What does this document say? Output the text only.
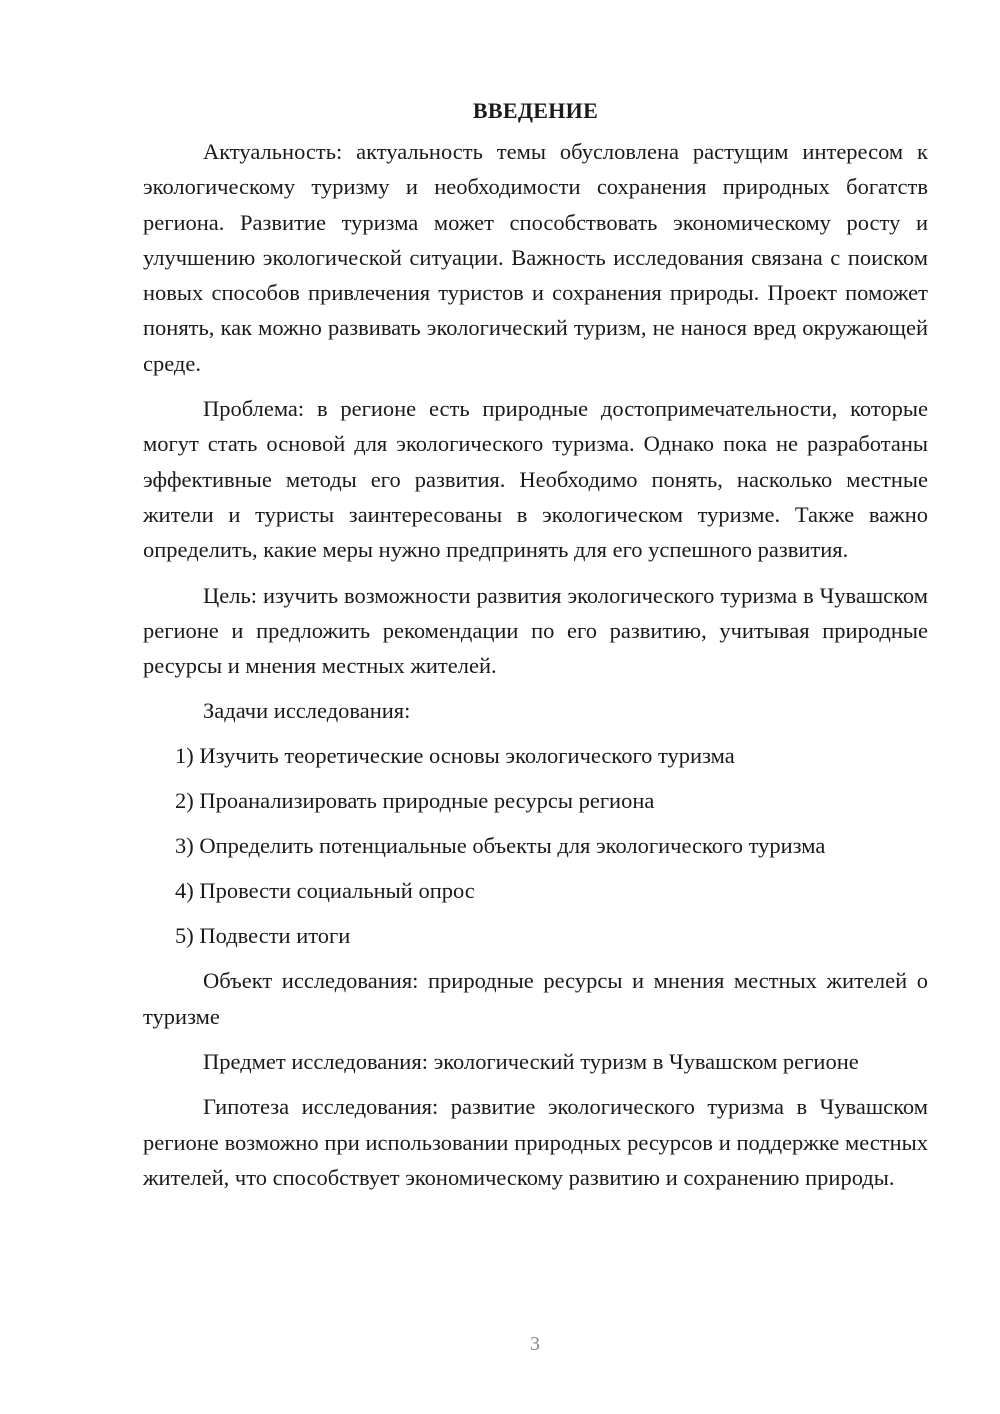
ВВЕДЕНИЕ

Актуальность: актуальность темы обусловлена растущим интересом к экологическому туризму и необходимости сохранения природных богатств региона. Развитие туризма может способствовать экономическому росту и улучшению экологической ситуации. Важность исследования связана с поиском новых способов привлечения туристов и сохранения природы. Проект поможет понять, как можно развивать экологический туризм, не нанося вред окружающей среде.

Проблема: в регионе есть природные достопримечательности, которые могут стать основой для экологического туризма. Однако пока не разработаны эффективные методы его развития. Необходимо понять, насколько местные жители и туристы заинтересованы в экологическом туризме. Также важно определить, какие меры нужно предпринять для его успешного развития.

Цель: изучить возможности развития экологического туризма в Чувашском регионе и предложить рекомендации по его развитию, учитывая природные ресурсы и мнения местных жителей.

Задачи исследования:
1) Изучить теоретические основы экологического туризма
2) Проанализировать природные ресурсы региона
3) Определить потенциальные объекты для экологического туризма
4) Провести социальный опрос
5) Подвести итоги

Объект исследования: природные ресурсы и мнения местных жителей о туризме

Предмет исследования: экологический туризм в Чувашском регионе

Гипотеза исследования: развитие экологического туризма в Чувашском регионе возможно при использовании природных ресурсов и поддержке местных жителей, что способствует экономическому развитию и сохранению природы.

3
